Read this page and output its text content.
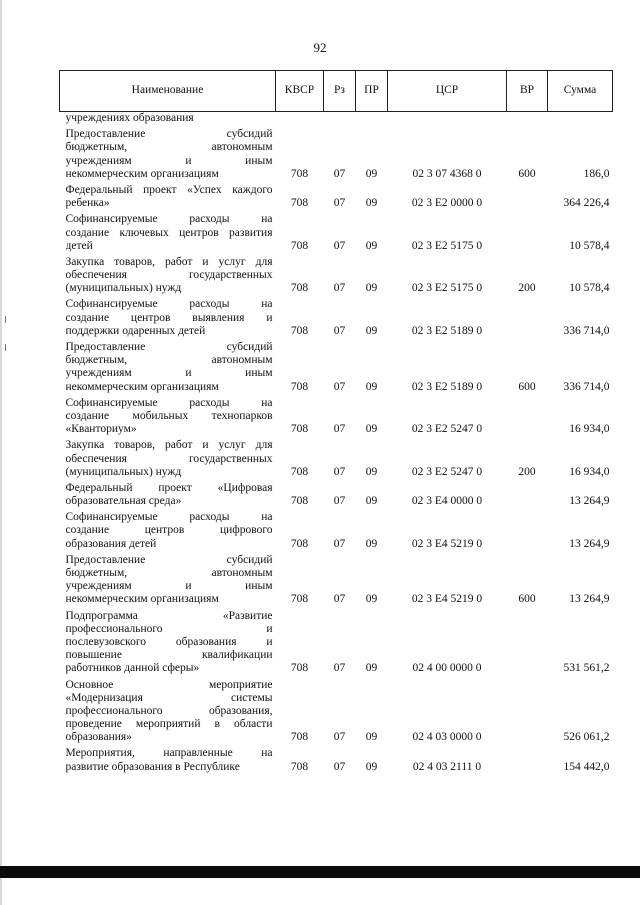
92
Наименование	КВСР	Рз	ПР	ЦСР	ВР	Сумма

учреждениях образования						

Предоставление субсидий
бюджетным, автономным
учреждениям и иным
некоммерческим организациям	708	07	09	02 3 07 4368 0	600	186,0

Федеральный проект «Успех каждого
ребенка»	708	07	09	02 3 Е2 0000 0		364 226,4

Софинансируемые расходы на
создание ключевых центров развития
детей	708	07	09	02 3 Е2 5175 0		10 578,4

Закупка товаров, работ и услуг для
обеспечения государственных
(муниципальных) нужд	708	07	09	02 3 Е2 5175 0	200	10 578,4

Софинансируемые расходы на
создание центров выявления и
поддержки одаренных детей	708	07	09	02 3 Е2 5189 0		336 714,0

Предоставление субсидий
бюджетным, автономным
учреждениям и иным
некоммерческим организациям	708	07	09	02 3 Е2 5189 0	600	336 714,0

Софинансируемые расходы на
создание мобильных технопарков
«Кванториум»	708	07	09	02 3 Е2 5247 0		16 934,0

Закупка товаров, работ и услуг для
обеспечения государственных
(муниципальных) нужд	708	07	09	02 3 Е2 5247 0	200	16 934,0

Федеральный проект «Цифровая
образовательная среда»	708	07	09	02 3 Е4 0000 0		13 264,9

Софинансируемые расходы на
создание центров цифрового
образования детей	708	07	09	02 3 Е4 5219 0		13 264,9

Предоставление субсидий
бюджетным, автономным
учреждениям и иным
некоммерческим организациям	708	07	09	02 3 Е4 5219 0	600	13 264,9

Подпрограмма «Развитие
профессионального и
послевузовского образования и
повышение квалификации
работников данной сферы»	708	07	09	02 4 00 0000 0		531 561,2

Основное мероприятие
«Модернизация системы
профессионального образования,
проведение мероприятий в области
образования»	708	07	09	02 4 03 0000 0		526 061,2

Мероприятия, направленные на
развитие образования в Республике	708	07	09	02 4 03 2111 0		154 442,0
